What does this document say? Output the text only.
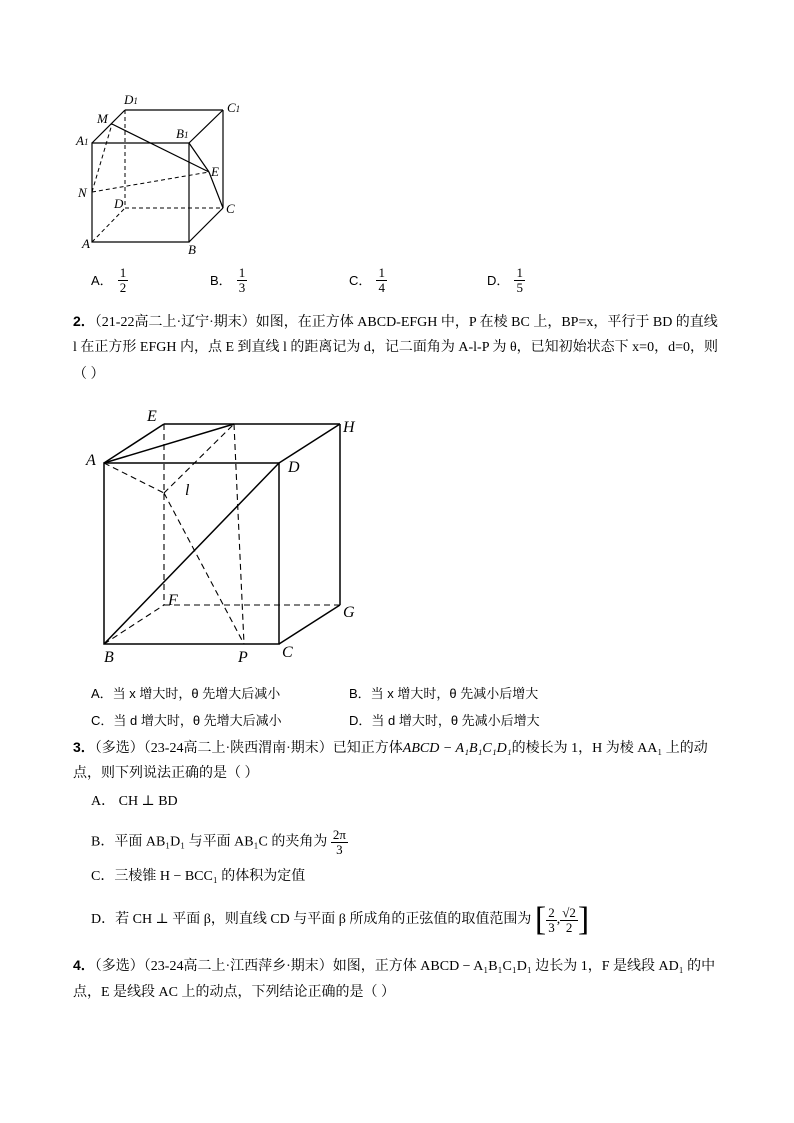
D1	C1
A1
B1
M
N
E
D	C
A	B
A． $\frac{1}{2}$	B． $\frac{1}{3}$	C． $\frac{1}{4}$	D． $\frac{1}{5}$
2．（21-22高二上·辽宁·期末）如图，在正方体 ABCD-EFGH 中，P 在棱 BC 上，BP=x，平行于 BD 的直线
l 在正方形 EFGH 内，点 E 到直线 l 的距离记为 d，记二面角为 A-l-P 为 θ，已知初始状态下 x=0，d=0，则
（ ）
E
H
A	D
l
F
G
B	P C
A．当 x 增大时，θ 先增大后减小	B．当 x 增大时，θ 先减小后增大
C．当 d 增大时，θ 先增大后减小	D．当 d 增大时，θ 先减小后增大
3．（多选）（23-24高二上·陕西渭南·期末）已知正方体ABCD − A₁B₁C₁D₁的棱长为 1，H 为棱 AA₁ 上的动
点，则下列说法正确的是（ ）
A． CH ⊥ BD
B．平面 AB₁D₁ 与平面 AB₁C 的夹角为 $\frac{2\pi}{3}$
C．三棱锥 H − BCC₁ 的体积为定值
D．若 CH ⊥ 平面 β，则直线 CD 与平面 β 所成角的正弦值的取值范围为 [ $\frac{2}{3}$ , $\frac{√2}{2}$ ]
4．（多选）（23-24高二上·江西萍乡·期末）如图，正方体 ABCD − A₁B₁C₁D₁ 边长为 1，F 是线段 AD₁ 的中
点，E 是线段 AC 上的动点，下列结论正确的是（ ）
